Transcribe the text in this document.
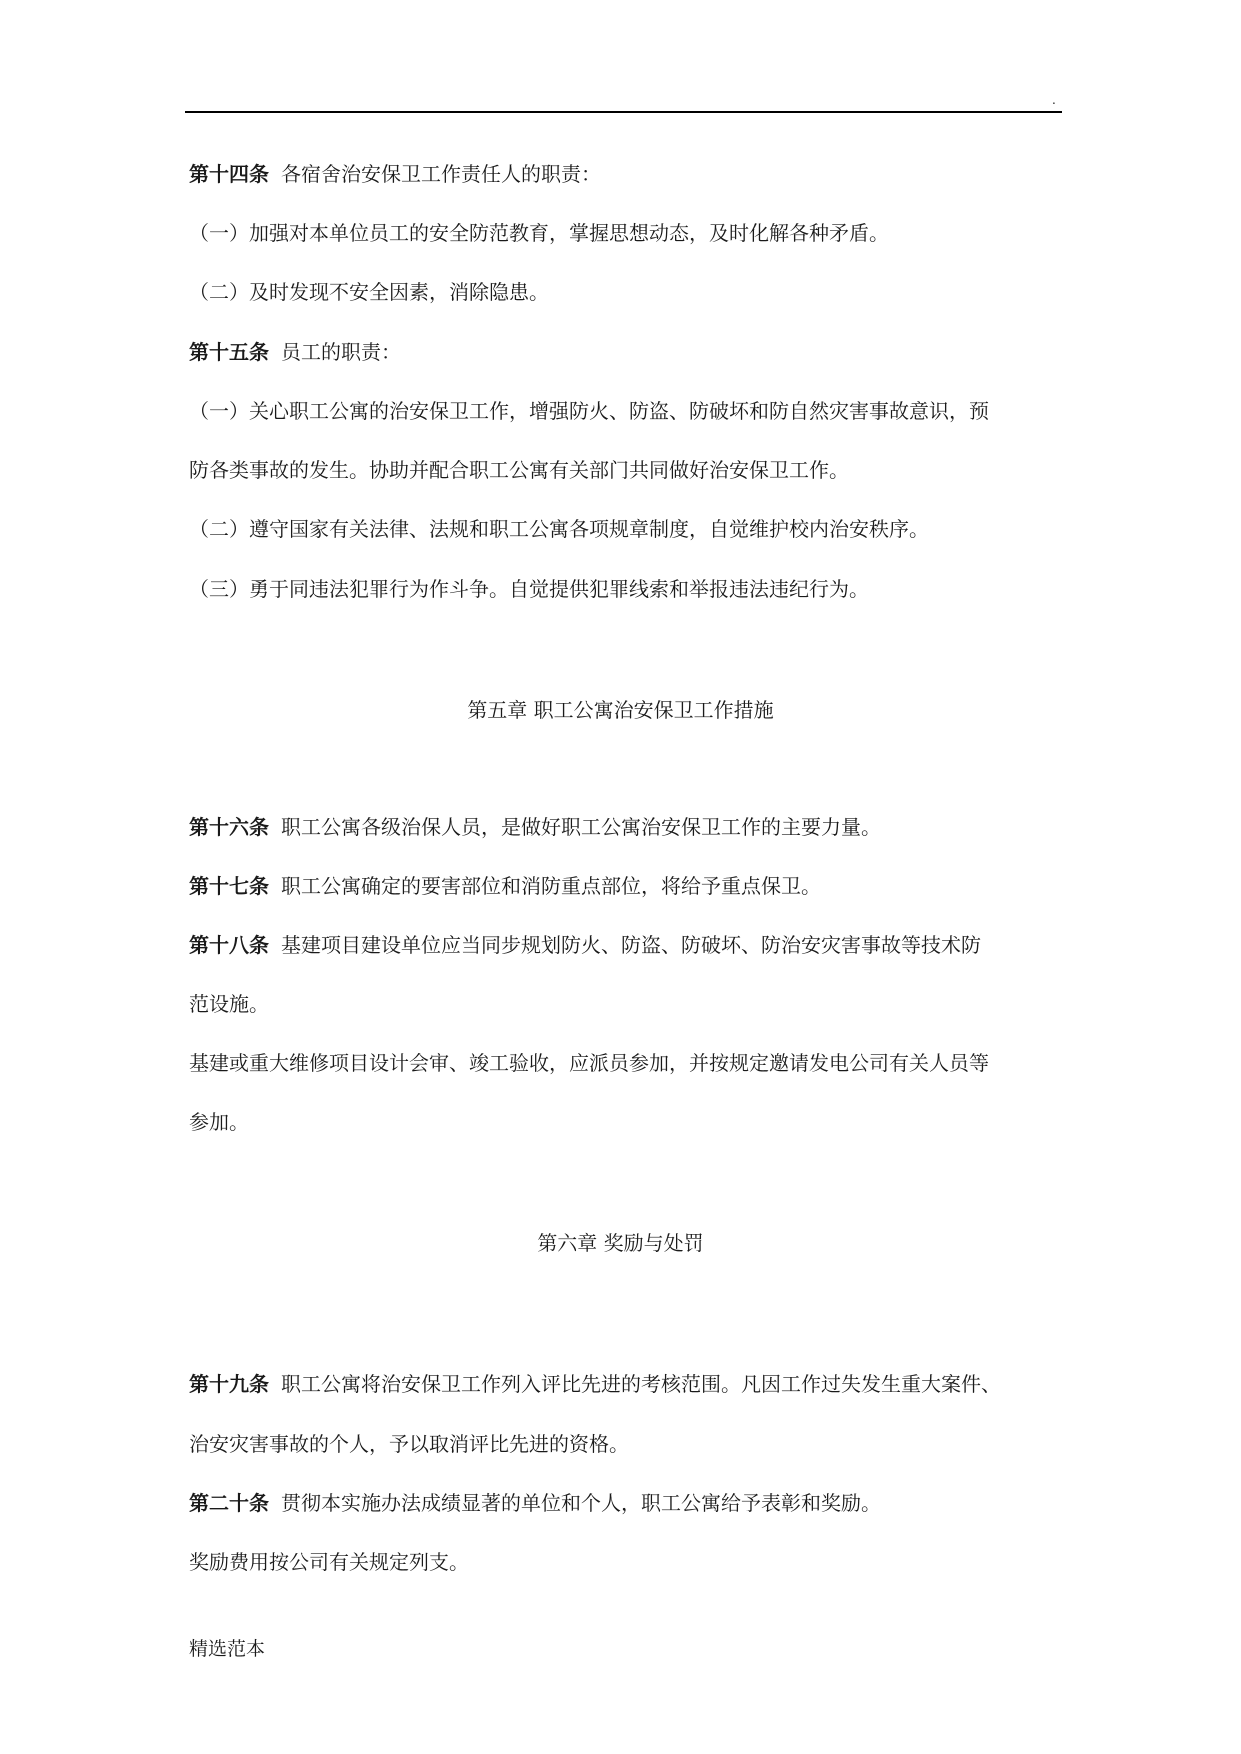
.
第十四条 各宿舍治安保卫工作责任人的职责：
（一）加强对本单位员工的安全防范教育，掌握思想动态，及时化解各种矛盾。
（二）及时发现不安全因素，消除隐患。
第十五条 员工的职责：
（一）关心职工公寓的治安保卫工作，增强防火、防盗、防破坏和防自然灾害事故意识，预
防各类事故的发生。协助并配合职工公寓有关部门共同做好治安保卫工作。
（二）遵守国家有关法律、法规和职工公寓各项规章制度，自觉维护校内治安秩序。
（三）勇于同违法犯罪行为作斗争。自觉提供犯罪线索和举报违法违纪行为。
第五章 职工公寓治安保卫工作措施
第十六条 职工公寓各级治保人员，是做好职工公寓治安保卫工作的主要力量。
第十七条 职工公寓确定的要害部位和消防重点部位，将给予重点保卫。
第十八条 基建项目建设单位应当同步规划防火、防盗、防破坏、防治安灾害事故等技术防
范设施。
基建或重大维修项目设计会审、竣工验收，应派员参加，并按规定邀请发电公司有关人员等
参加。
第六章 奖励与处罚
第十九条 职工公寓将治安保卫工作列入评比先进的考核范围。凡因工作过失发生重大案件、
治安灾害事故的个人，予以取消评比先进的资格。
第二十条 贯彻本实施办法成绩显著的单位和个人，职工公寓给予表彰和奖励。
奖励费用按公司有关规定列支。
精选范本
